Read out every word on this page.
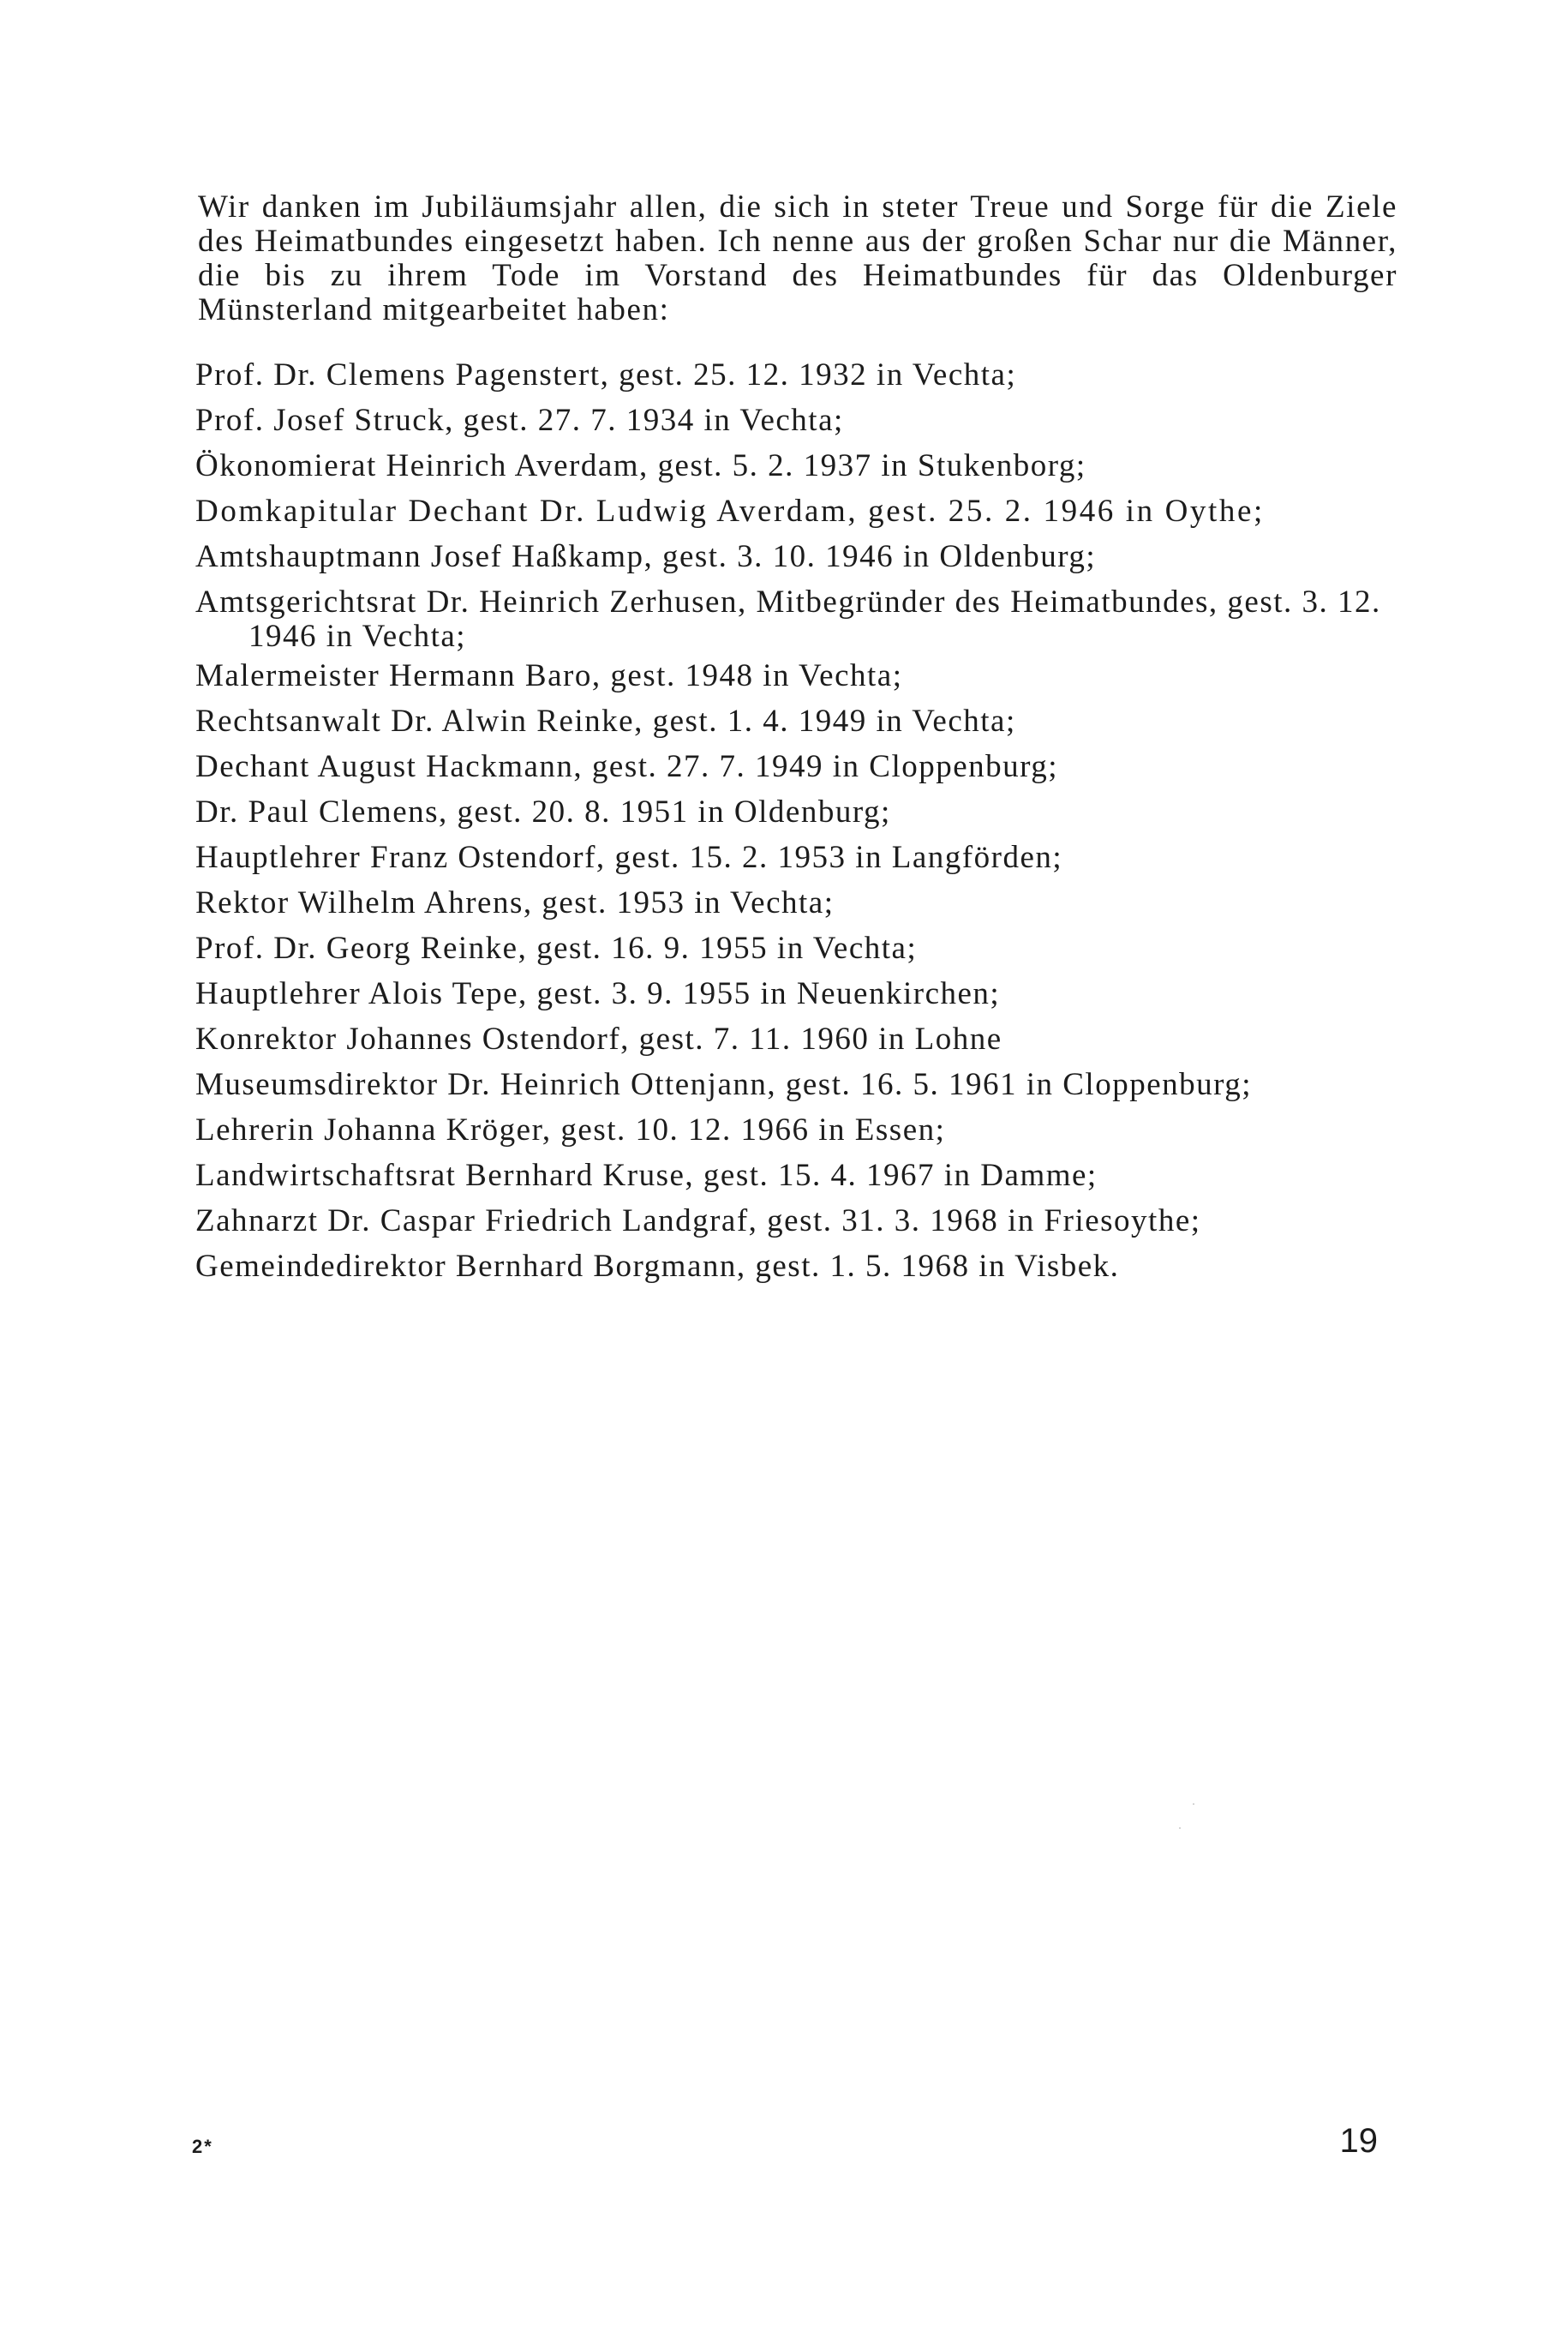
Wir danken im Jubiläumsjahr allen, die sich in steter Treue und Sorge für die Ziele des Heimatbundes eingesetzt haben. Ich nenne aus der großen Schar nur die Männer, die bis zu ihrem Tode im Vorstand des Heimatbundes für das Oldenburger Münsterland mitgearbeitet haben:

Prof. Dr. Clemens Pagenstert, gest. 25. 12. 1932 in Vechta;
Prof. Josef Struck, gest. 27. 7. 1934 in Vechta;
Ökonomierat Heinrich Averdam, gest. 5. 2. 1937 in Stukenborg;
Domkapitular Dechant Dr. Ludwig Averdam, gest. 25. 2. 1946 in Oythe;
Amtshauptmann Josef Haßkamp, gest. 3. 10. 1946 in Oldenburg;
Amtsgerichtsrat Dr. Heinrich Zerhusen, Mitbegründer des Heimatbundes, gest. 3. 12. 1946 in Vechta;
Malermeister Hermann Baro, gest. 1948 in Vechta;
Rechtsanwalt Dr. Alwin Reinke, gest. 1. 4. 1949 in Vechta;
Dechant August Hackmann, gest. 27. 7. 1949 in Cloppenburg;
Dr. Paul Clemens, gest. 20. 8. 1951 in Oldenburg;
Hauptlehrer Franz Ostendorf, gest. 15. 2. 1953 in Langförden;
Rektor Wilhelm Ahrens, gest. 1953 in Vechta;
Prof. Dr. Georg Reinke, gest. 16. 9. 1955 in Vechta;
Hauptlehrer Alois Tepe, gest. 3. 9. 1955 in Neuenkirchen;
Konrektor Johannes Ostendorf, gest. 7. 11. 1960 in Lohne
Museumsdirektor Dr. Heinrich Ottenjann, gest. 16. 5. 1961 in Cloppenburg;
Lehrerin Johanna Kröger, gest. 10. 12. 1966 in Essen;
Landwirtschaftsrat Bernhard Kruse, gest. 15. 4. 1967 in Damme;
Zahnarzt Dr. Caspar Friedrich Landgraf, gest. 31. 3. 1968 in Friesoythe;
Gemeindedirektor Bernhard Borgmann, gest. 1. 5. 1968 in Visbek.
2*	19
